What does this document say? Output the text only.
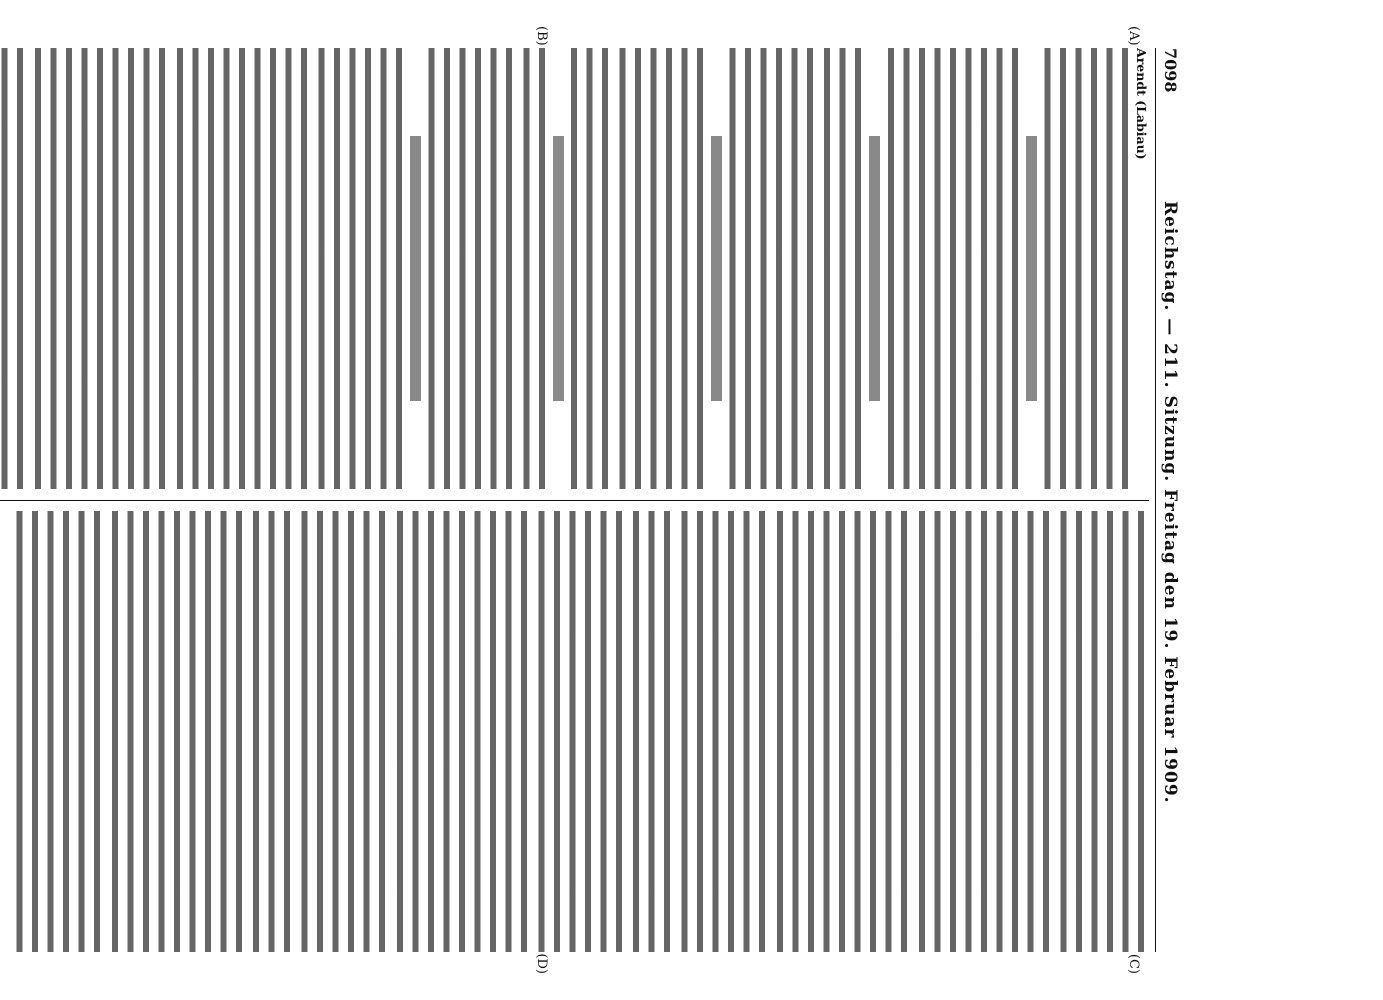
7098
Reichstag. — 211. Sitzung. Freitag den 19. Februar 1909.
(A)
(B)
Arendt (Labiau)

(C)
(D)
